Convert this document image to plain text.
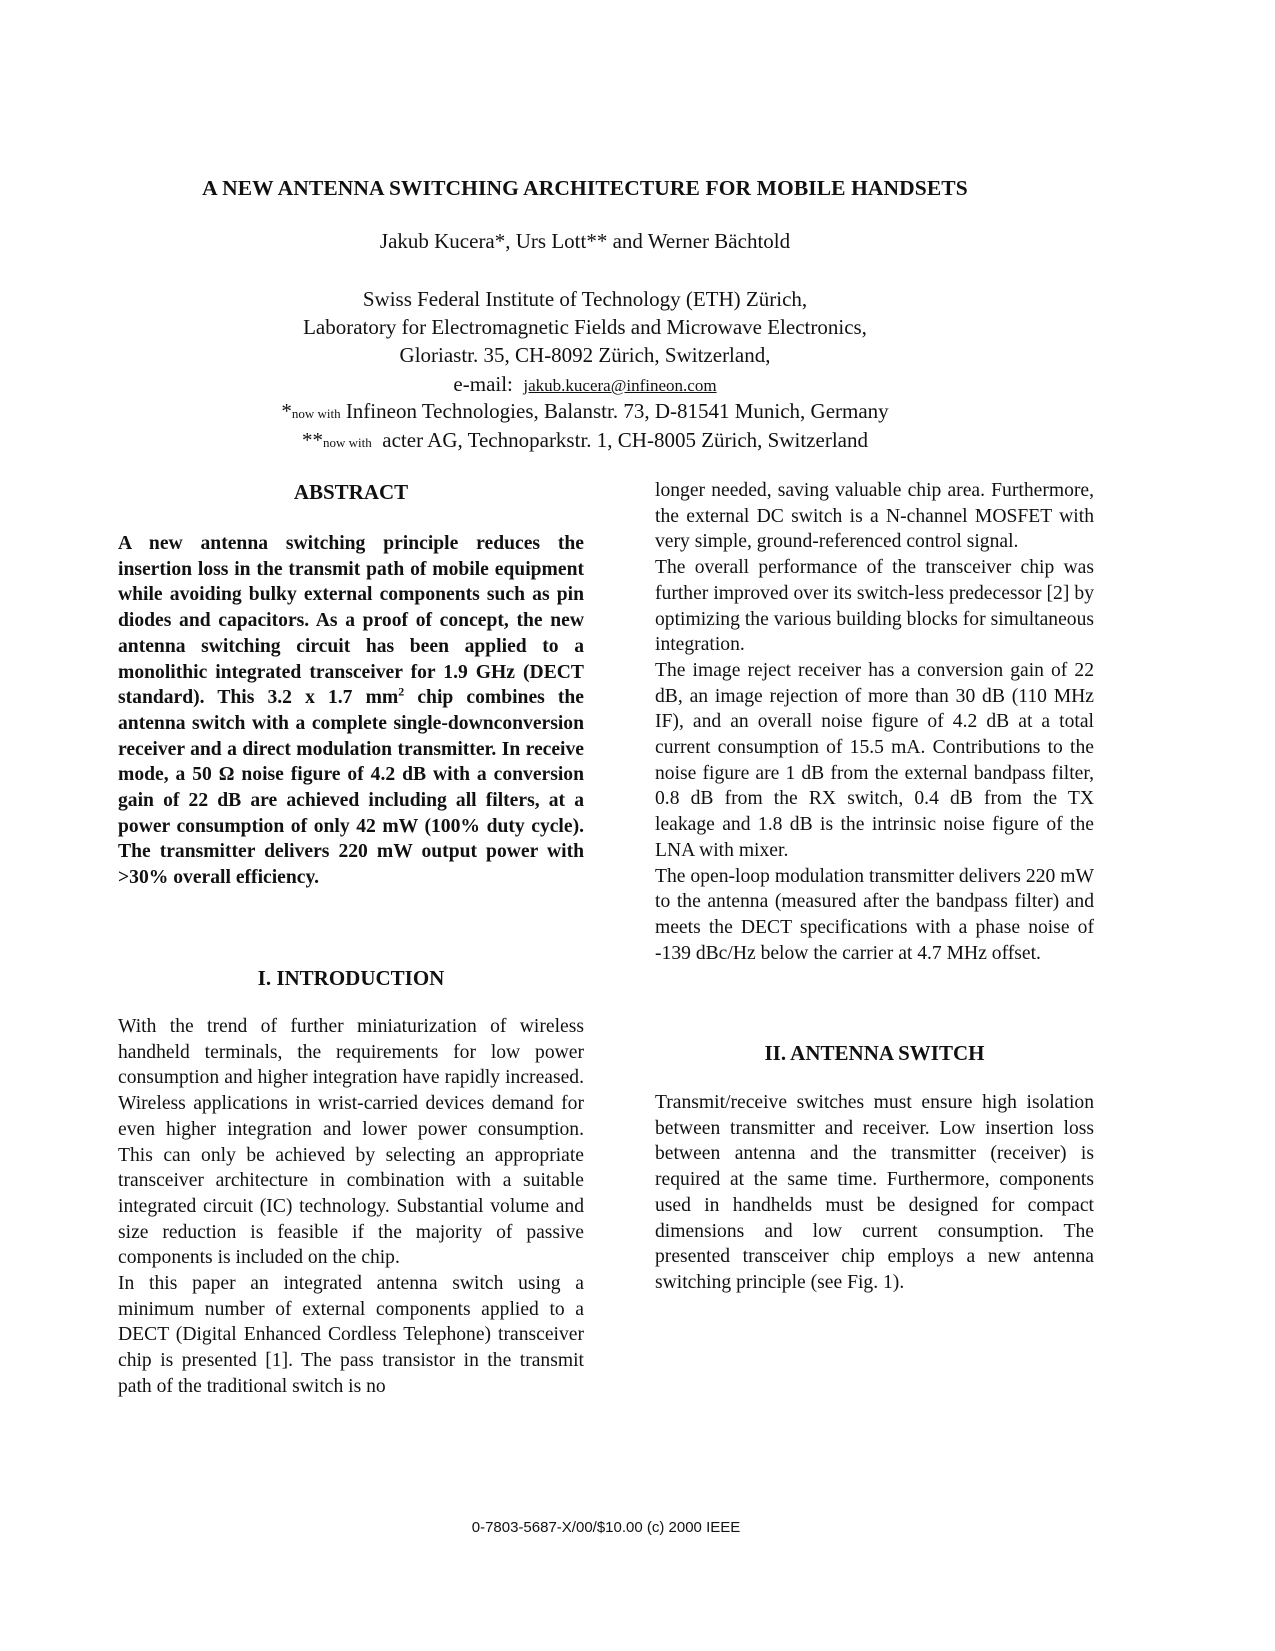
A NEW ANTENNA SWITCHING ARCHITECTURE FOR MOBILE HANDSETS
Jakub Kucera*, Urs Lott** and Werner Bächtold
Swiss Federal Institute of Technology (ETH) Zürich,
Laboratory for Electromagnetic Fields and Microwave Electronics,
Gloriastr. 35, CH-8092 Zürich, Switzerland,
e-mail: jakub.kucera@infineon.com
*now with Infineon Technologies, Balanstr. 73, D-81541 Munich, Germany
**now with acter AG, Technoparkstr. 1, CH-8005 Zürich, Switzerland
ABSTRACT

A new antenna switching principle reduces the insertion loss in the transmit path of mobile equipment while avoiding bulky external components such as pin diodes and capacitors. As a proof of concept, the new antenna switching circuit has been applied to a monolithic integrated transceiver for 1.9 GHz (DECT standard). This 3.2 x 1.7 $mm^2$ chip combines the antenna switch with a complete single-downconversion receiver and a direct modulation transmitter. In receive mode, a 50 Ω noise figure of 4.2 dB with a conversion gain of 22 dB are achieved including all filters, at a power consumption of only 42 mW (100% duty cycle). The transmitter delivers 220 mW output power with >30% overall efficiency.

I. INTRODUCTION

With the trend of further miniaturization of wireless handheld terminals, the requirements for low power consumption and higher integration have rapidly increased. Wireless applications in wrist-carried devices demand for even higher integration and lower power consumption. This can only be achieved by selecting an appropriate transceiver architecture in combination with a suitable integrated circuit (IC) technology. Substantial volume and size reduction is feasible if the majority of passive components is included on the chip.

In this paper an integrated antenna switch using a minimum number of external components applied to a DECT (Digital Enhanced Cordless Telephone) transceiver chip is presented [1]. The pass transistor in the transmit path of the traditional switch is no

longer needed, saving valuable chip area. Furthermore, the external DC switch is a N-channel MOSFET with very simple, ground-referenced control signal.

The overall performance of the transceiver chip was further improved over its switch-less predecessor [2] by optimizing the various building blocks for simultaneous integration.

The image reject receiver has a conversion gain of 22 dB, an image rejection of more than 30 dB (110 MHz IF), and an overall noise figure of 4.2 dB at a total current consumption of 15.5 mA. Contributions to the noise figure are 1 dB from the external bandpass filter, 0.8 dB from the RX switch, 0.4 dB from the TX leakage and 1.8 dB is the intrinsic noise figure of the LNA with mixer.

The open-loop modulation transmitter delivers 220 mW to the antenna (measured after the bandpass filter) and meets the DECT specifications with a phase noise of -139 dBc/Hz below the carrier at 4.7 MHz offset.

II. ANTENNA SWITCH

Transmit/receive switches must ensure high isolation between transmitter and receiver. Low insertion loss between antenna and the transmitter (receiver) is required at the same time. Furthermore, components used in handhelds must be designed for compact dimensions and low current consumption. The presented transceiver chip employs a new antenna switching principle (see Fig. 1).

0-7803-5687-X/00/$10.00 (c) 2000 IEEE
